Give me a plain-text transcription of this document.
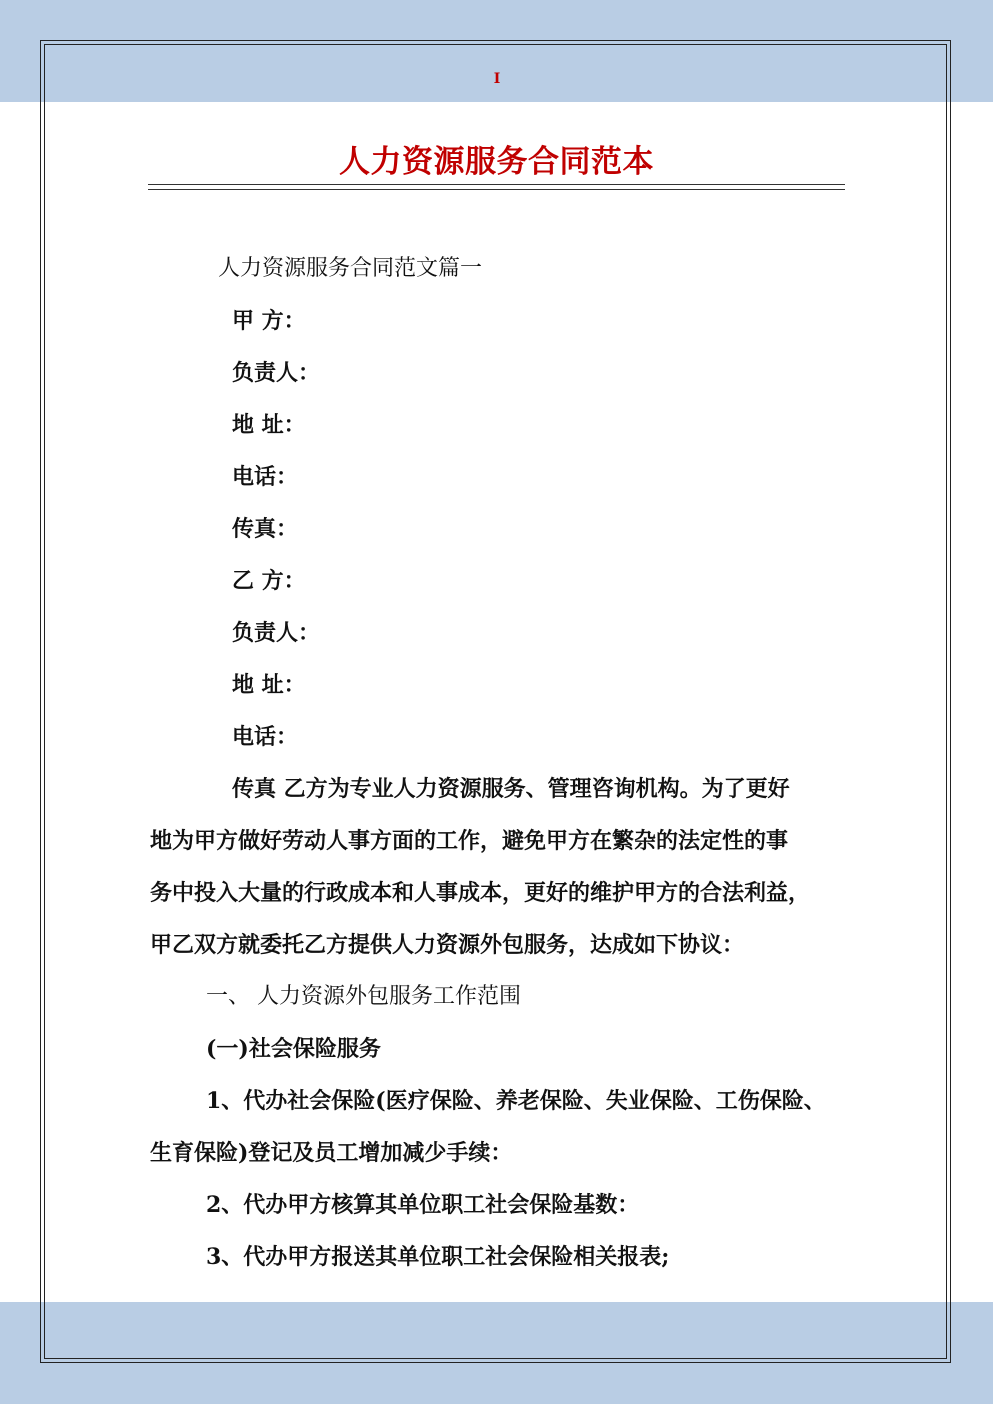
I
人力资源服务合同范本
人力资源服务合同范文篇一
甲 方：
负责人：
地 址：
电话：
传真：
乙 方：
负责人：
地 址：
电话：
传真 乙方为专业人力资源服务、管理咨询机构。为了更好
地为甲方做好劳动人事方面的工作，避免甲方在繁杂的法定性的事
务中投入大量的行政成本和人事成本，更好的维护甲方的合法利益，
甲乙双方就委托乙方提供人力资源外包服务，达成如下协议：
一、 人力资源外包服务工作范围
(一)社会保险服务
1、代办社会保险(医疗保险、养老保险、失业保险、工伤保险、
生育保险)登记及员工增加减少手续：
2、代办甲方核算其单位职工社会保险基数：
3、代办甲方报送其单位职工社会保险相关报表;
